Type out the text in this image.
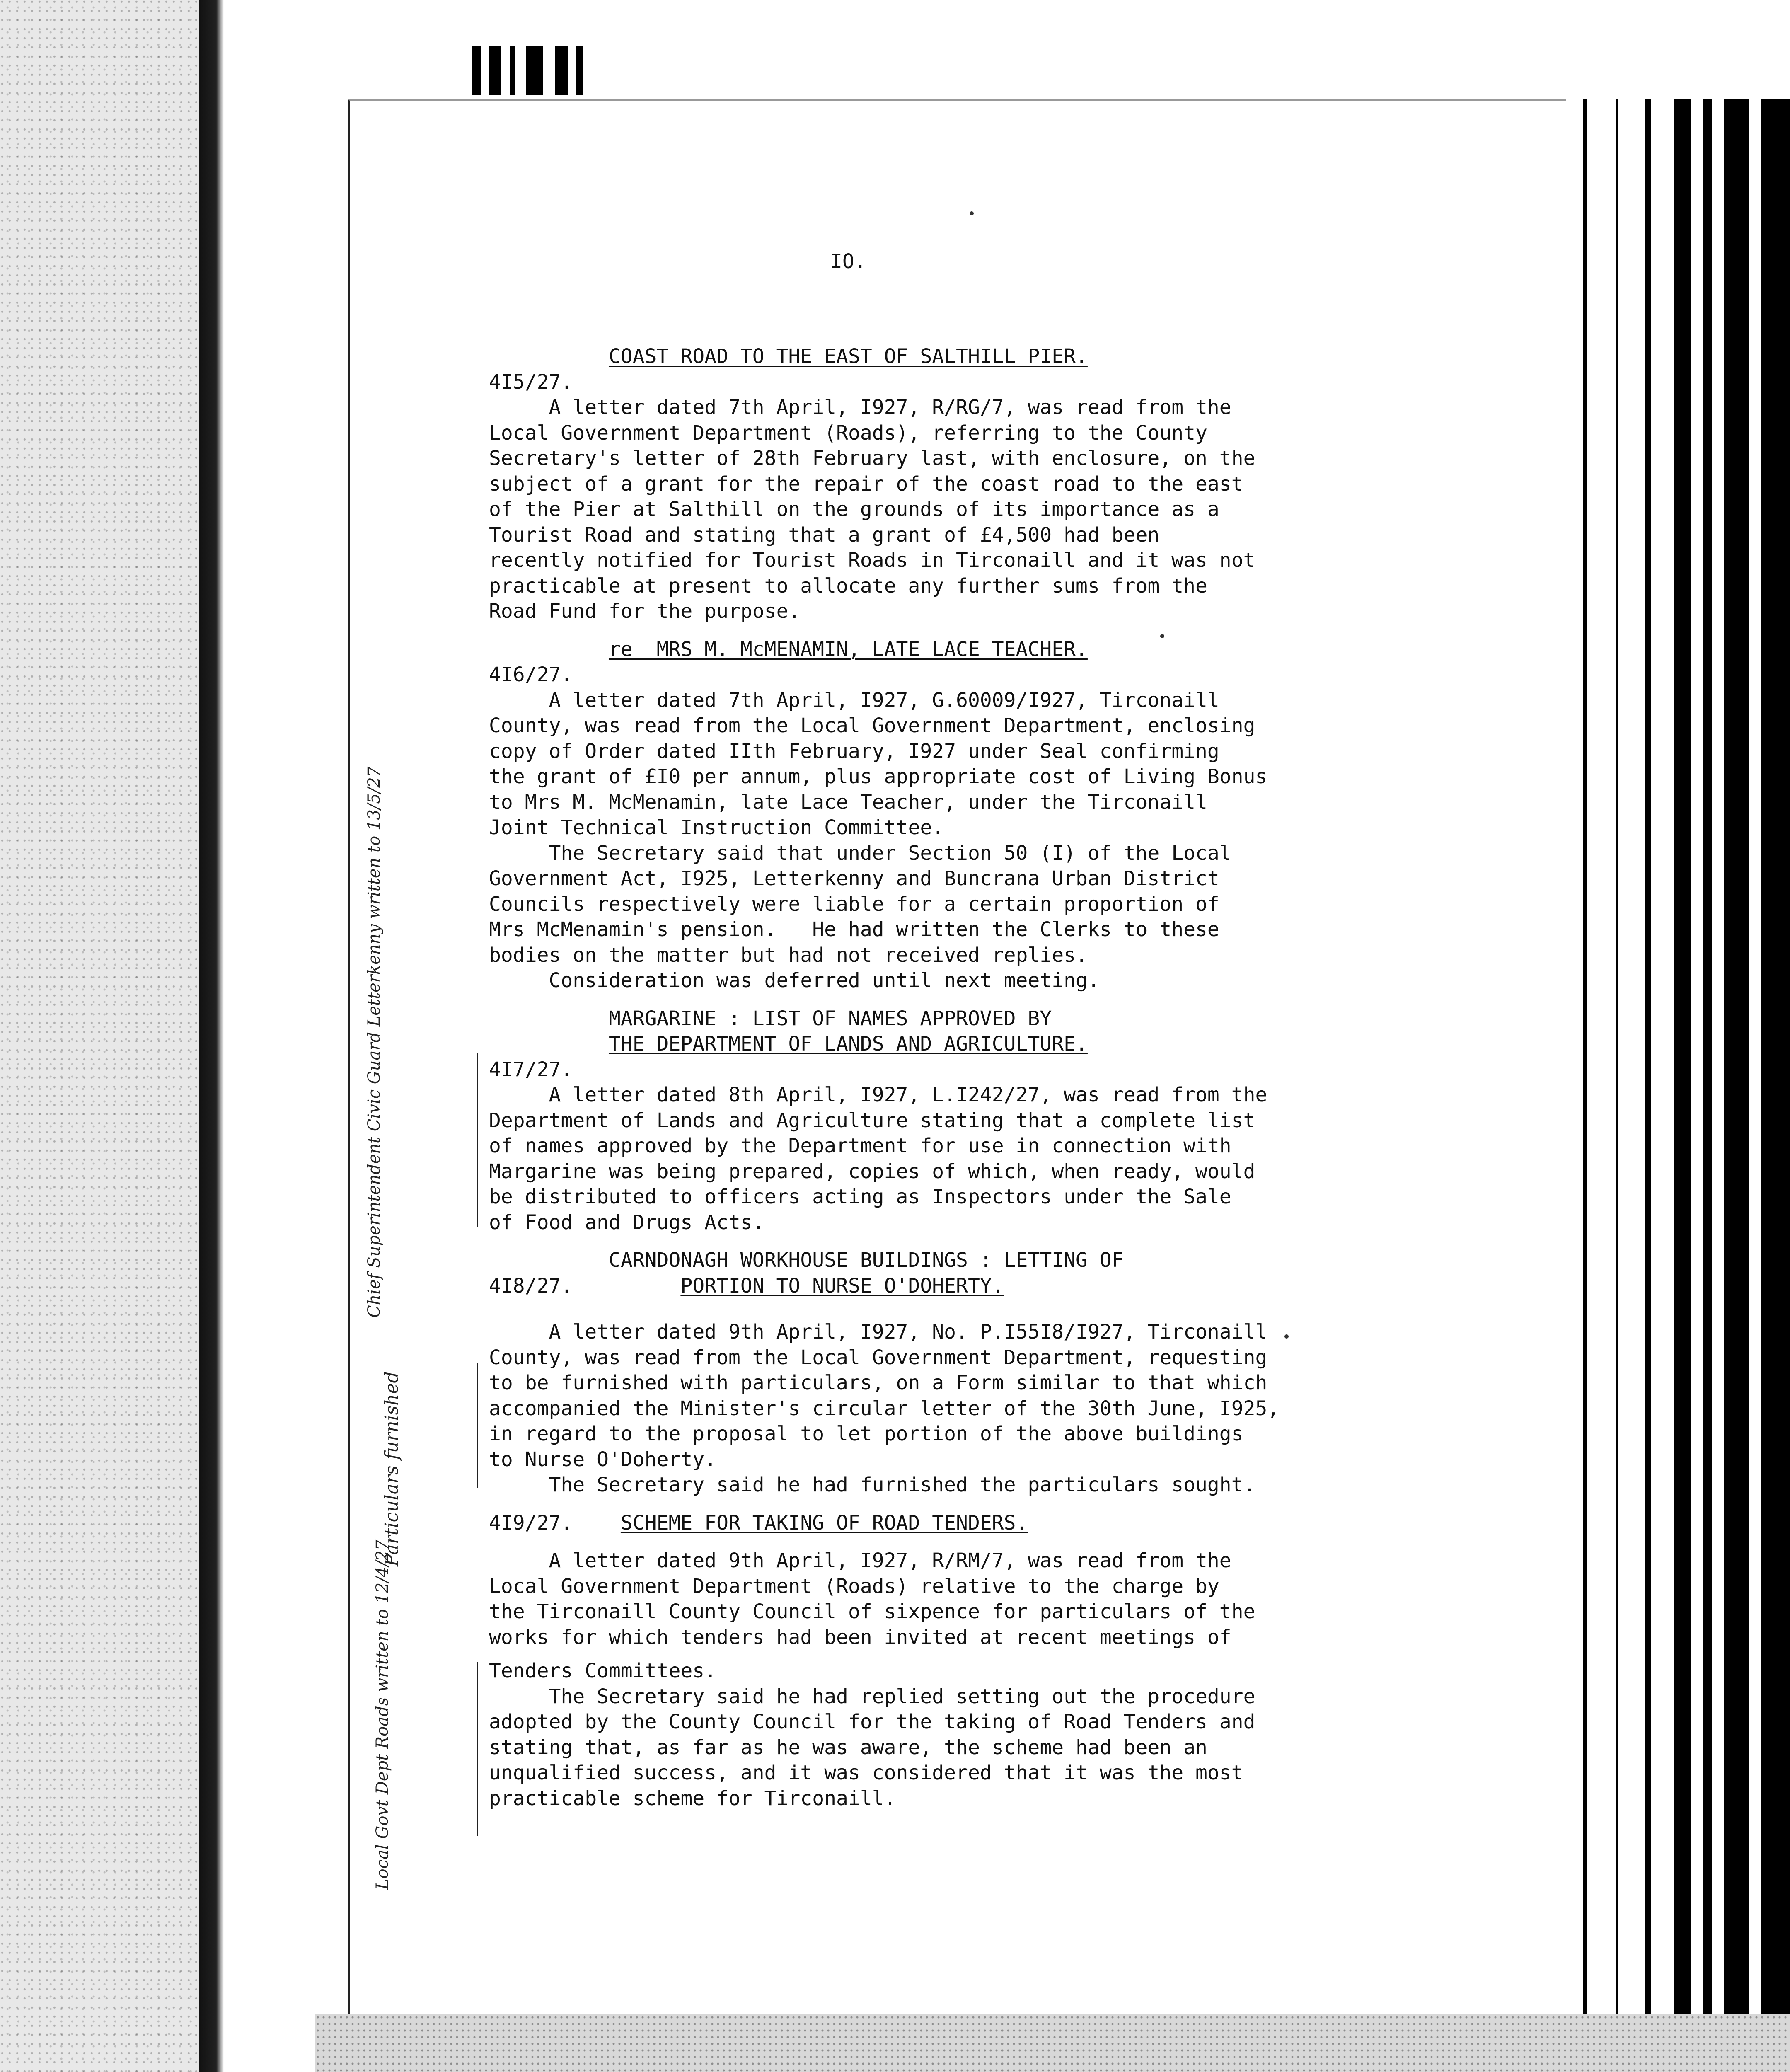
IO.
COAST ROAD TO THE EAST OF SALTHILL PIER.
4I5/27.
A letter dated 7th April, I927, R/RG/7, was read from the
Local Government Department (Roads), referring to the County
Secretary's letter of 28th February last, with enclosure, on the
subject of a grant for the repair of the coast road to the east
of the Pier at Salthill on the grounds of its importance as a
Tourist Road and stating that a grant of £4,500 had been
recently notified for Tourist Roads in Tirconaill and it was not
practicable at present to allocate any further sums from the
Road Fund for the purpose.
re  MRS M. McMENAMIN, LATE LACE TEACHER.
4I6/27.
A letter dated 7th April, I927, G.60009/I927, Tirconaill
County, was read from the Local Government Department, enclosing
copy of Order dated IIth February, I927 under Seal confirming
the grant of £I0 per annum, plus appropriate cost of Living Bonus
to Mrs M. McMenamin, late Lace Teacher, under the Tirconaill
Joint Technical Instruction Committee.
The Secretary said that under Section 50 (I) of the Local
Government Act, I925, Letterkenny and Buncrana Urban District
Councils respectively were liable for a certain proportion of
Mrs McMenamin's pension.   He had written the Clerks to these
bodies on the matter but had not received replies.
Consideration was deferred until next meeting.
MARGARINE : LIST OF NAMES APPROVED BY
THE DEPARTMENT OF LANDS AND AGRICULTURE.
4I7/27.
A letter dated 8th April, I927, L.I242/27, was read from the
Department of Lands and Agriculture stating that a complete list
of names approved by the Department for use in connection with
Margarine was being prepared, copies of which, when ready, would
be distributed to officers acting as Inspectors under the Sale
of Food and Drugs Acts.
CARNDONAGH WORKHOUSE BUILDINGS : LETTING OF
4I8/27.         PORTION TO NURSE O'DOHERTY.
A letter dated 9th April, I927, No. P.I55I8/I927, Tirconaill
County, was read from the Local Government Department, requesting
to be furnished with particulars, on a Form similar to that which
accompanied the Minister's circular letter of the 30th June, I925,
in regard to the proposal to let portion of the above buildings
to Nurse O'Doherty.
The Secretary said he had furnished the particulars sought.
4I9/27.    SCHEME FOR TAKING OF ROAD TENDERS.
A letter dated 9th April, I927, R/RM/7, was read from the
Local Government Department (Roads) relative to the charge by
the Tirconaill County Council of sixpence for particulars of the
works for which tenders had been invited at recent meetings of
Tenders Committees.
The Secretary said he had replied setting out the procedure
adopted by the County Council for the taking of Road Tenders and
stating that, as far as he was aware, the scheme had been an
unqualified success, and it was considered that it was the most
practicable scheme for Tirconaill.
Chief Superintendent Civic Guard Letterkenny written to 13/5/27
Particulars furnished
Local Govt Dept Roads written to 12/4/27
